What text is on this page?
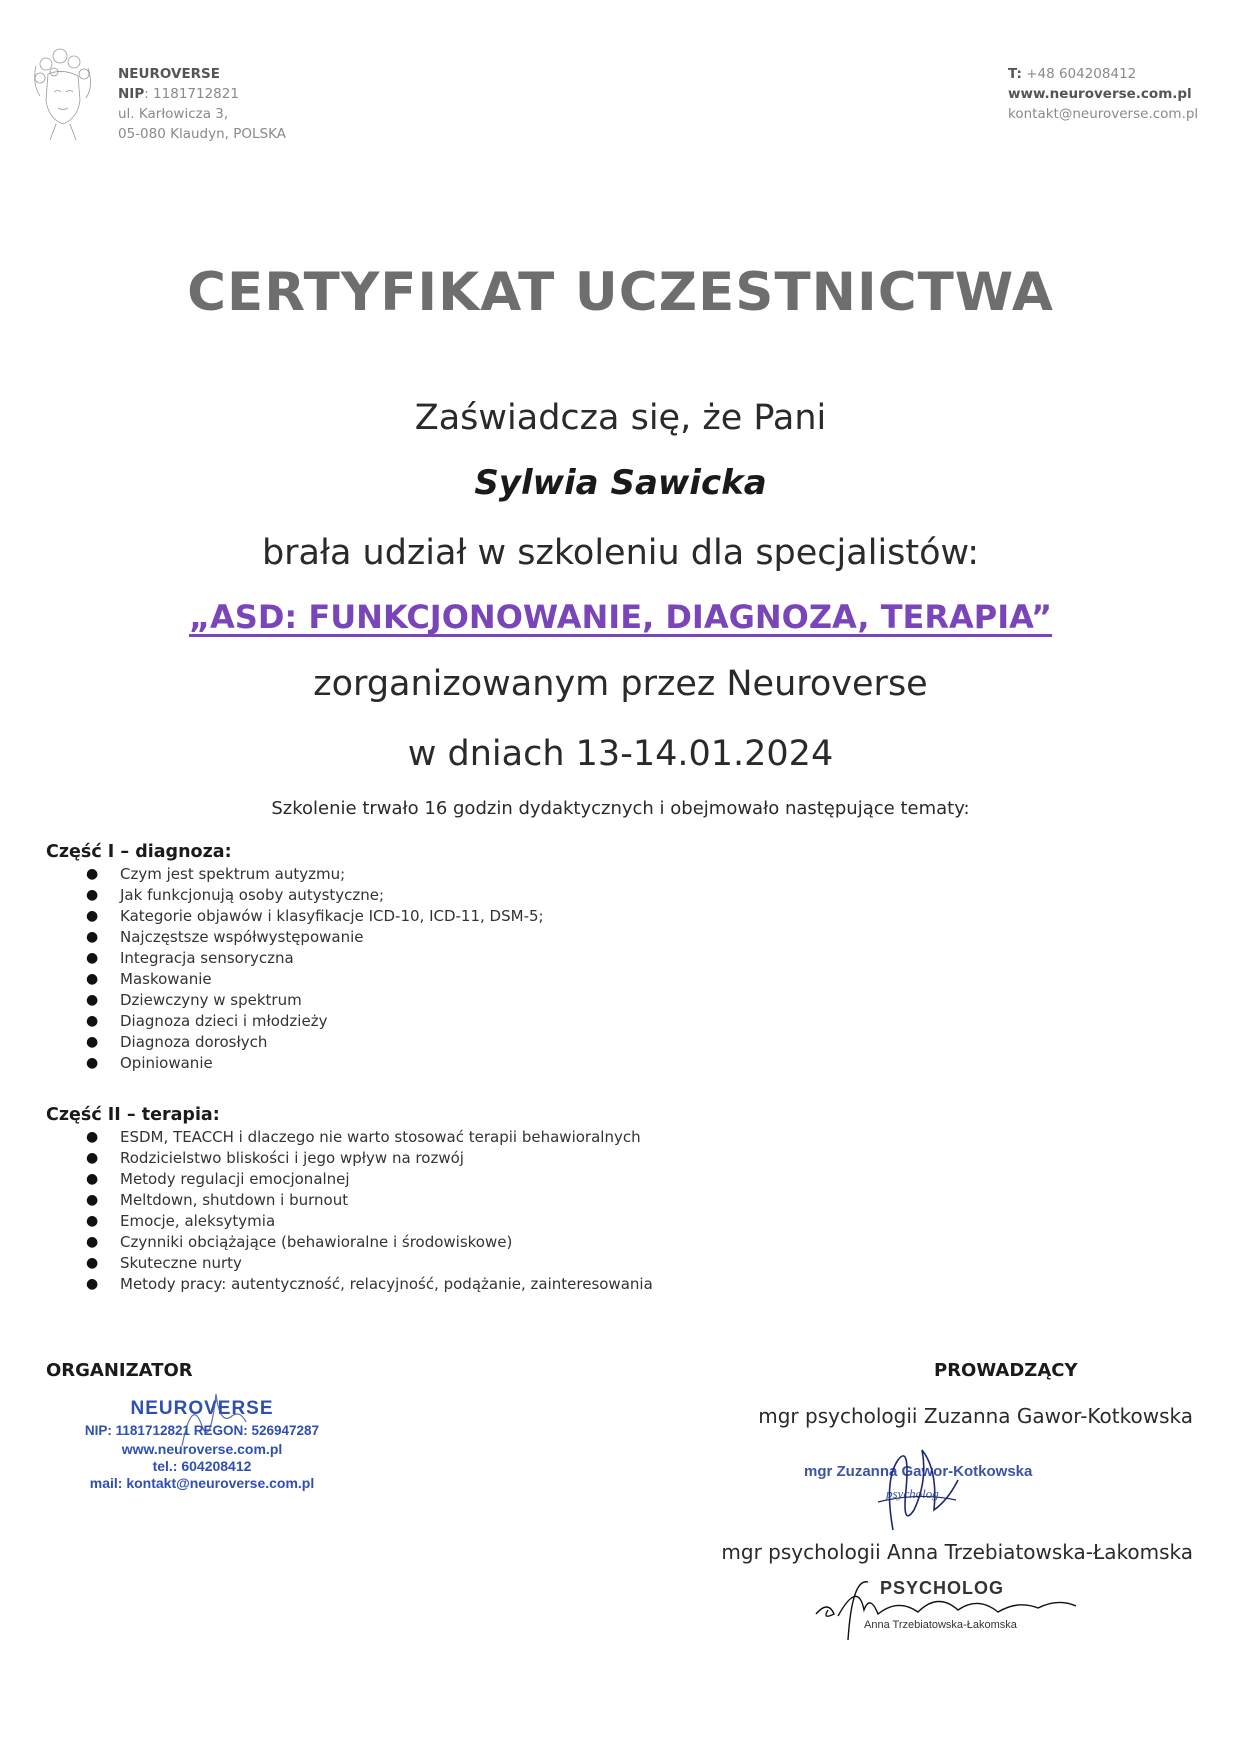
NEUROVERSE
NIP: 1181712821
ul. Karłowicza 3,
05-080 Klaudyn, POLSKA
T: +48 604208412
www.neuroverse.com.pl
kontakt@neuroverse.com.pl
CERTYFIKAT UCZESTNICTWA
Zaświadcza się, że Pani
Sylwia Sawicka
brała udział w szkoleniu dla specjalistów:
„ASD: FUNKCJONOWANIE, DIAGNOZA, TERAPIA”
zorganizowanym przez Neuroverse
w dniach 13-14.01.2024
Szkolenie trwało 16 godzin dydaktycznych i obejmowało następujące tematy:
Część I – diagnoza:
● Czym jest spektrum autyzmu;
● Jak funkcjonują osoby autystyczne;
● Kategorie objawów i klasyfikacje ICD-10, ICD-11, DSM-5;
● Najczęstsze współwystępowanie
● Integracja sensoryczna
● Maskowanie
● Dziewczyny w spektrum
● Diagnoza dzieci i młodzieży
● Diagnoza dorosłych
● Opiniowanie
Część II – terapia:
● ESDM, TEACCH i dlaczego nie warto stosować terapii behawioralnych
● Rodzicielstwo bliskości i jego wpływ na rozwój
● Metody regulacji emocjonalnej
● Meltdown, shutdown i burnout
● Emocje, aleksytymia
● Czynniki obciążające (behawioralne i środowiskowe)
● Skuteczne nurty
● Metody pracy: autentyczność, relacyjność, podążanie, zainteresowania
ORGANIZATOR	PROWADZĄCY
NEUROVERSE
NIP: 1181712821 REGON: 526947287
www.neuroverse.com.pl
tel.: 604208412
mail: kontakt@neuroverse.com.pl
mgr psychologii Zuzanna Gawor-Kotkowska
mgr Zuzanna Gawor-Kotkowska
psycholog
mgr psychologii Anna Trzebiatowska-Łakomska
PSYCHOLOG
Anna Trzebiatowska-Łakomska
